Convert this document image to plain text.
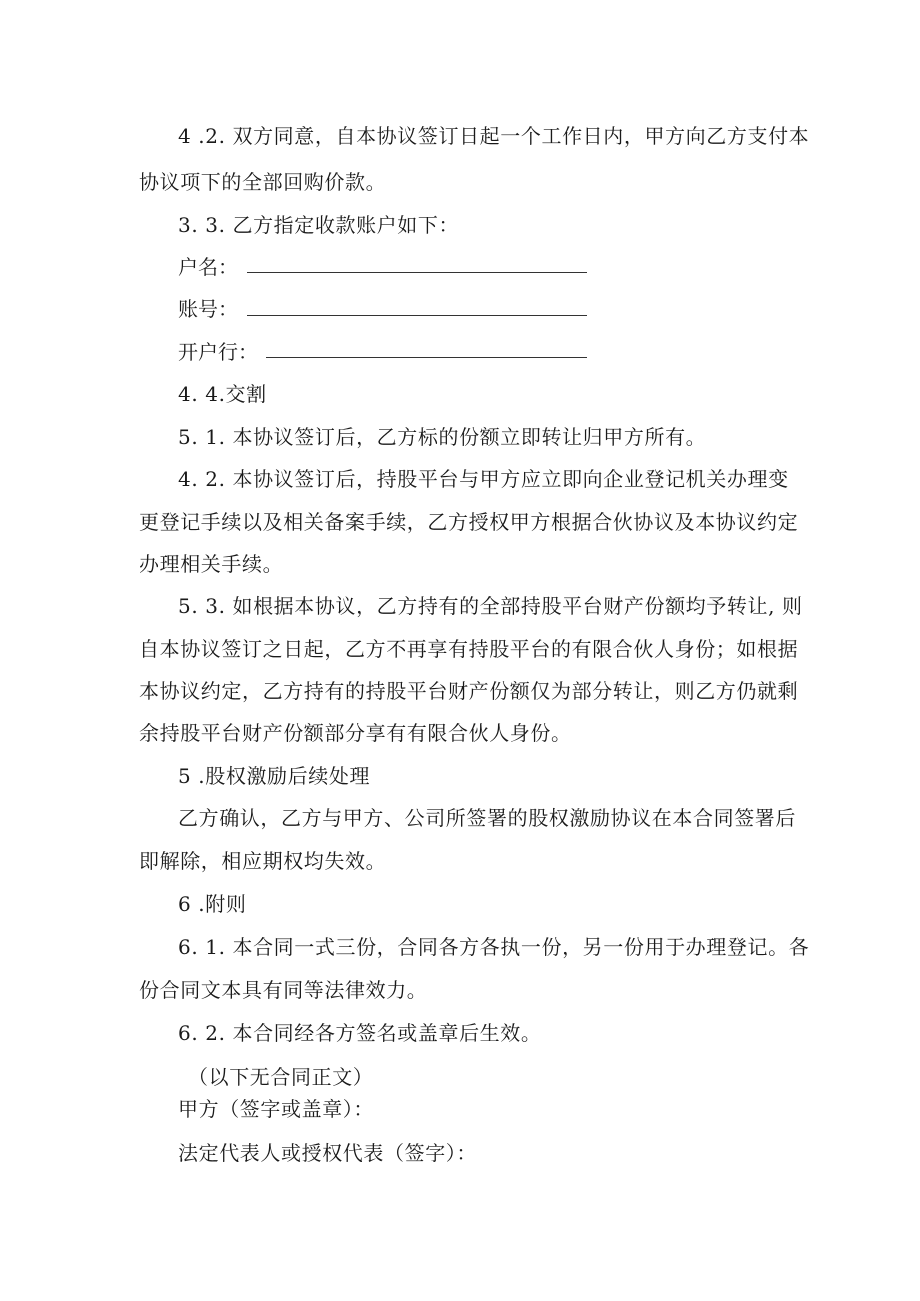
4 .2. 双方同意，自本协议签订日起一个工作日内，甲方向乙方支付本
协议项下的全部回购价款。
3. 3. 乙方指定收款账户如下：
户名：
账号：
开户行：
4. 4.交割
5. 1. 本协议签订后，乙方标的份额立即转让归甲方所有。
4. 2. 本协议签订后，持股平台与甲方应立即向企业登记机关办理变
更登记手续以及相关备案手续，乙方授权甲方根据合伙协议及本协议约定
办理相关手续。
5. 3. 如根据本协议，乙方持有的全部持股平台财产份额均予转让, 则
自本协议签订之日起，乙方不再享有持股平台的有限合伙人身份；如根据
本协议约定，乙方持有的持股平台财产份额仅为部分转让，则乙方仍就剩
余持股平台财产份额部分享有有限合伙人身份。
5 .股权激励后续处理
乙方确认，乙方与甲方、公司所签署的股权激励协议在本合同签署后
即解除，相应期权均失效。
6 .附则
6. 1. 本合同一式三份，合同各方各执一份，另一份用于办理登记。各
份合同文本具有同等法律效力。
6. 2. 本合同经各方签名或盖章后生效。
（以下无合同正文）
甲方（签字或盖章）：
法定代表人或授权代表（签字）：
